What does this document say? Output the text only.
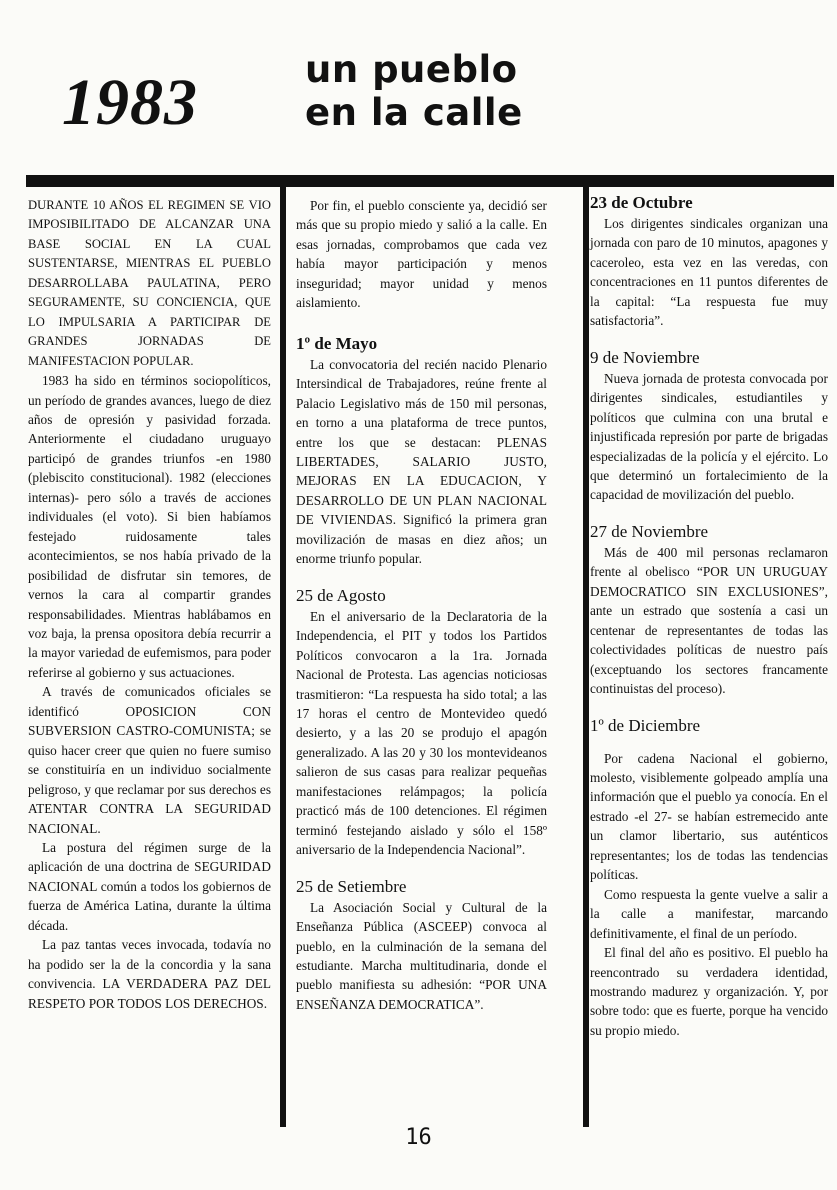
1983	un pueblo
en la calle

DURANTE 10 AÑOS EL REGIMEN SE VIO IMPOSIBILITADO DE ALCANZAR UNA BASE SOCIAL EN LA CUAL SUSTENTARSE, MIENTRAS EL PUEBLO DESARROLLABA PAULATINA, PERO SEGURAMENTE, SU CONCIENCIA, QUE LO IMPULSARIA A PARTICIPAR DE GRANDES JORNADAS DE MANIFESTACION POPULAR.

1983 ha sido en términos sociopolíticos, un período de grandes avances, luego de diez años de opresión y pasividad forzada. Anteriormente el ciudadano uruguayo participó de grandes triunfos -en 1980 (plebiscito constitucional). 1982 (elecciones internas)- pero sólo a través de acciones individuales (el voto). Si bien habíamos festejado ruidosamente tales acontecimientos, se nos había privado de la posibilidad de disfrutar sin temores, de vernos la cara al compartir grandes responsabilidades. Mientras hablábamos en voz baja, la prensa opositora debía recurrir a la mayor variedad de eufemismos, para poder referirse al gobierno y sus actuaciones.

A través de comunicados oficiales se identificó OPOSICION CON SUBVERSION CASTRO-COMUNISTA; se quiso hacer creer que quien no fuere sumiso se constituiría en un individuo socialmente peligroso, y que reclamar por sus derechos es ATENTAR CONTRA LA SEGURIDAD NACIONAL.

La postura del régimen surge de la aplicación de una doctrina de SEGURIDAD NACIONAL común a todos los gobiernos de fuerza de América Latina, durante la última década.

La paz tantas veces invocada, todavía no ha podido ser la de la concordia y la sana convivencia. LA VERDADERA PAZ DEL RESPETO POR TODOS LOS DERECHOS.

Por fin, el pueblo consciente ya, decidió ser más que su propio miedo y salió a la calle. En esas jornadas, comprobamos que cada vez había mayor participación y menos inseguridad; mayor unidad y menos aislamiento.

1º de Mayo

La convocatoria del recién nacido Plenario Intersindical de Trabajadores, reúne frente al Palacio Legislativo más de 150 mil personas, en torno a una plataforma de trece puntos, entre los que se destacan: PLENAS LIBERTADES, SALARIO JUSTO, MEJORAS EN LA EDUCACION, Y DESARROLLO DE UN PLAN NACIONAL DE VIVIENDAS. Significó la primera gran movilización de masas en diez años; un enorme triunfo popular.

25 de Agosto

En el aniversario de la Declaratoria de la Independencia, el PIT y todos los Partidos Políticos convocaron a la 1ra. Jornada Nacional de Protesta. Las agencias noticiosas trasmitieron: “La respuesta ha sido total; a las 17 horas el centro de Montevideo quedó desierto, y a las 20 se produjo el apagón generalizado. A las 20 y 30 los montevideanos salieron de sus casas para realizar pequeñas manifestaciones relámpagos; la policía practicó más de 100 detenciones. El régimen terminó festejando aislado y sólo el 158º aniversario de la Independencia Nacional”.

25 de Setiembre

La Asociación Social y Cultural de la Enseñanza Pública (ASCEEP) convoca al pueblo, en la culminación de la semana del estudiante. Marcha multitudinaria, donde el pueblo manifiesta su adhesión: “POR UNA ENSEÑANZA DEMOCRATICA”.

23 de Octubre

Los dirigentes sindicales organizan una jornada con paro de 10 minutos, apagones y caceroleo, esta vez en las veredas, con concentraciones en 11 puntos diferentes de la capital: “La respuesta fue muy satisfactoria”.

9 de Noviembre

Nueva jornada de protesta convocada por dirigentes sindicales, estudiantiles y políticos que culmina con una brutal e injustificada represión por parte de brigadas especializadas de la policía y el ejército. Lo que determinó un fortalecimiento de la capacidad de movilización del pueblo.

27 de Noviembre

Más de 400 mil personas reclamaron frente al obelisco “POR UN URUGUAY DEMOCRATICO SIN EXCLUSIONES”, ante un estrado que sostenía a casi un centenar de representantes de todas las colectividades políticas de nuestro país (exceptuando los sectores francamente continuistas del proceso).

1º de Diciembre

Por cadena Nacional el gobierno, molesto, visiblemente golpeado amplía una información que el pueblo ya conocía. En el estrado -el 27- se habían estremecido ante un clamor libertario, sus auténticos representantes; los de todas las tendencias políticas.

Como respuesta la gente vuelve a salir a la calle a manifestar, marcando definitivamente, el final de un período.

El final del año es positivo. El pueblo ha reencontrado su verdadera identidad, mostrando madurez y organización. Y, por sobre todo: que es fuerte, porque ha vencido su propio miedo.

16
